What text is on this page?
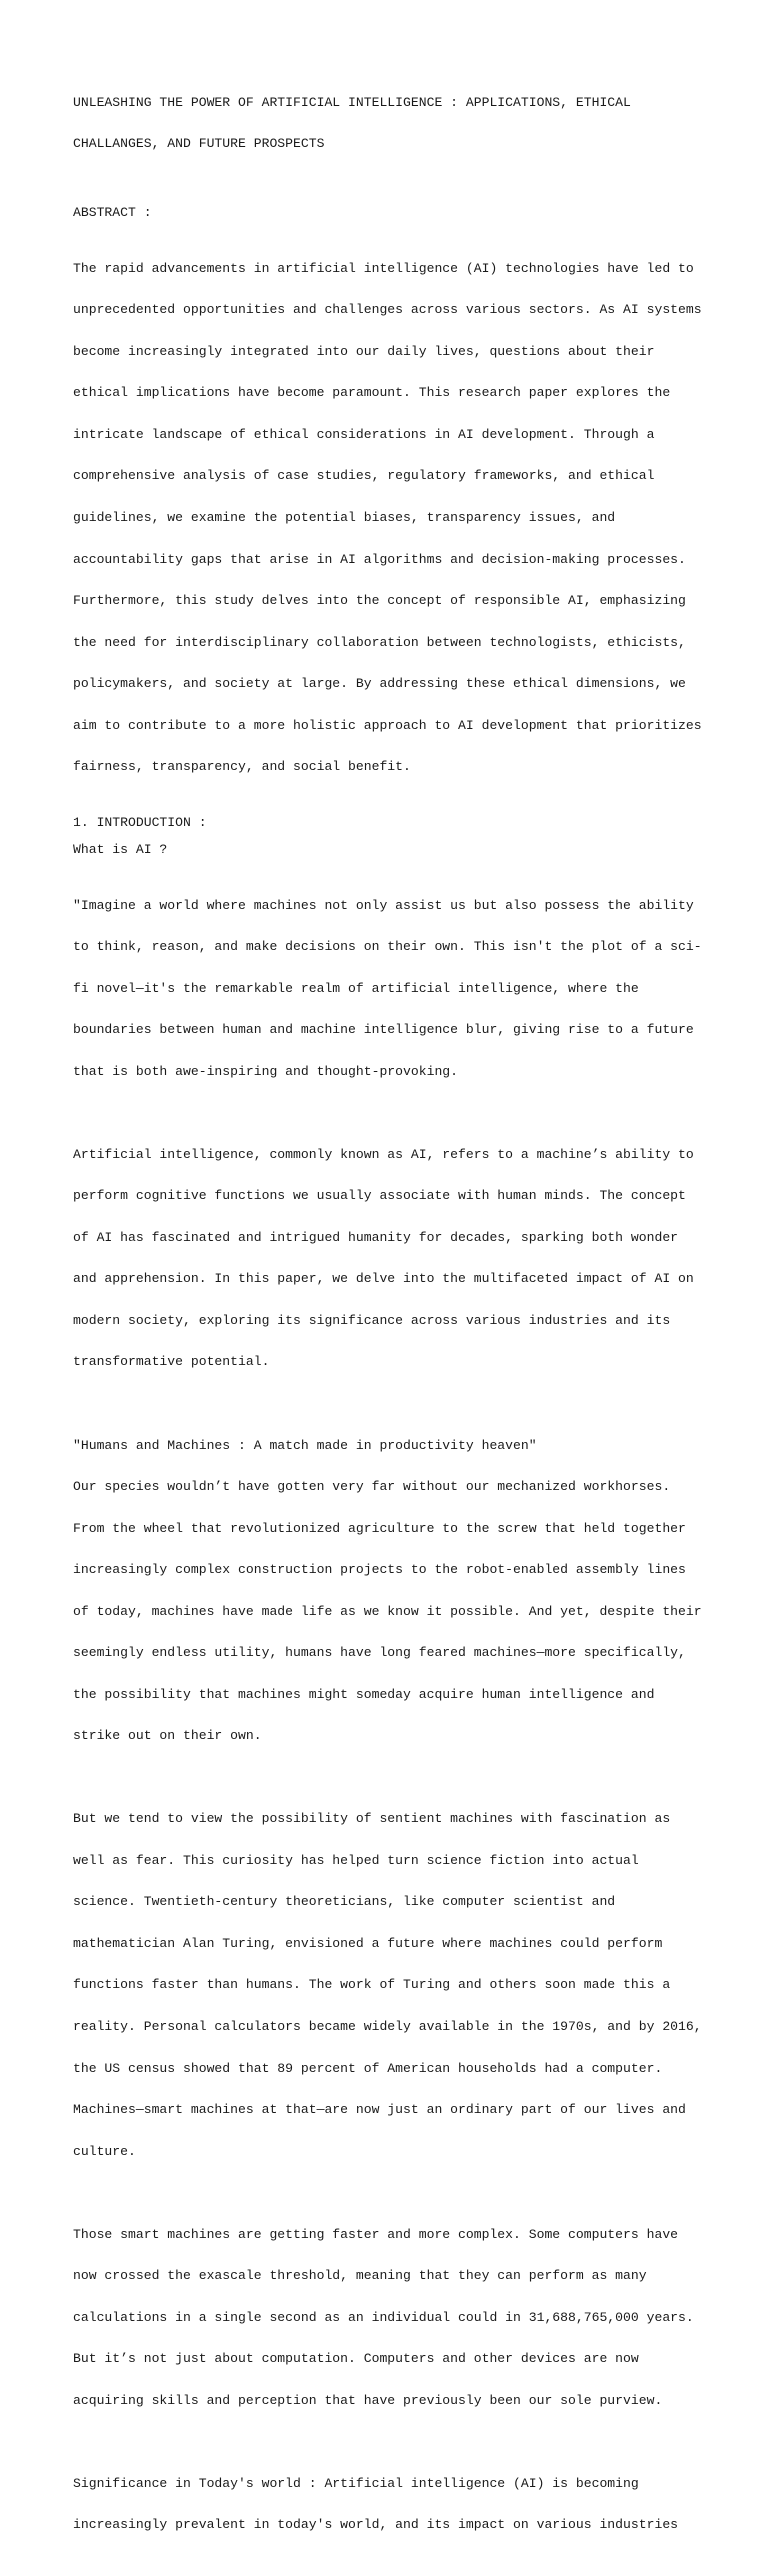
UNLEASHING THE POWER OF ARTIFICIAL INTELLIGENCE : APPLICATIONS, ETHICAL

CHALLANGES, AND FUTURE PROSPECTS

ABSTRACT :

The rapid advancements in artificial intelligence (AI) technologies have led to

unprecedented opportunities and challenges across various sectors. As AI systems

become increasingly integrated into our daily lives, questions about their

ethical implications have become paramount. This research paper explores the

intricate landscape of ethical considerations in AI development. Through a

comprehensive analysis of case studies, regulatory frameworks, and ethical

guidelines, we examine the potential biases, transparency issues, and

accountability gaps that arise in AI algorithms and decision-making processes.

Furthermore, this study delves into the concept of responsible AI, emphasizing

the need for interdisciplinary collaboration between technologists, ethicists,

policymakers, and society at large. By addressing these ethical dimensions, we

aim to contribute to a more holistic approach to AI development that prioritizes

fairness, transparency, and social benefit.

1. INTRODUCTION :
What is AI ?

"Imagine a world where machines not only assist us but also possess the ability

to think, reason, and make decisions on their own. This isn't the plot of a sci-

fi novel—it's the remarkable realm of artificial intelligence, where the

boundaries between human and machine intelligence blur, giving rise to a future

that is both awe-inspiring and thought-provoking.

Artificial intelligence, commonly known as AI, refers to a machine’s ability to

perform cognitive functions we usually associate with human minds. The concept

of AI has fascinated and intrigued humanity for decades, sparking both wonder

and apprehension. In this paper, we delve into the multifaceted impact of AI on

modern society, exploring its significance across various industries and its

transformative potential.

"Humans and Machines : A match made in productivity heaven"

Our species wouldn’t have gotten very far without our mechanized workhorses.

From the wheel that revolutionized agriculture to the screw that held together

increasingly complex construction projects to the robot-enabled assembly lines

of today, machines have made life as we know it possible. And yet, despite their

seemingly endless utility, humans have long feared machines—more specifically,

the possibility that machines might someday acquire human intelligence and

strike out on their own.

But we tend to view the possibility of sentient machines with fascination as

well as fear. This curiosity has helped turn science fiction into actual

science. Twentieth-century theoreticians, like computer scientist and

mathematician Alan Turing, envisioned a future where machines could perform

functions faster than humans. The work of Turing and others soon made this a

reality. Personal calculators became widely available in the 1970s, and by 2016,

the US census showed that 89 percent of American households had a computer.

Machines—smart machines at that—are now just an ordinary part of our lives and

culture.

Those smart machines are getting faster and more complex. Some computers have

now crossed the exascale threshold, meaning that they can perform as many

calculations in a single second as an individual could in 31,688,765,000 years.

But it’s not just about computation. Computers and other devices are now

acquiring skills and perception that have previously been our sole purview.

Significance in Today's world : Artificial intelligence (AI) is becoming

increasingly prevalent in today's world, and its impact on various industries
